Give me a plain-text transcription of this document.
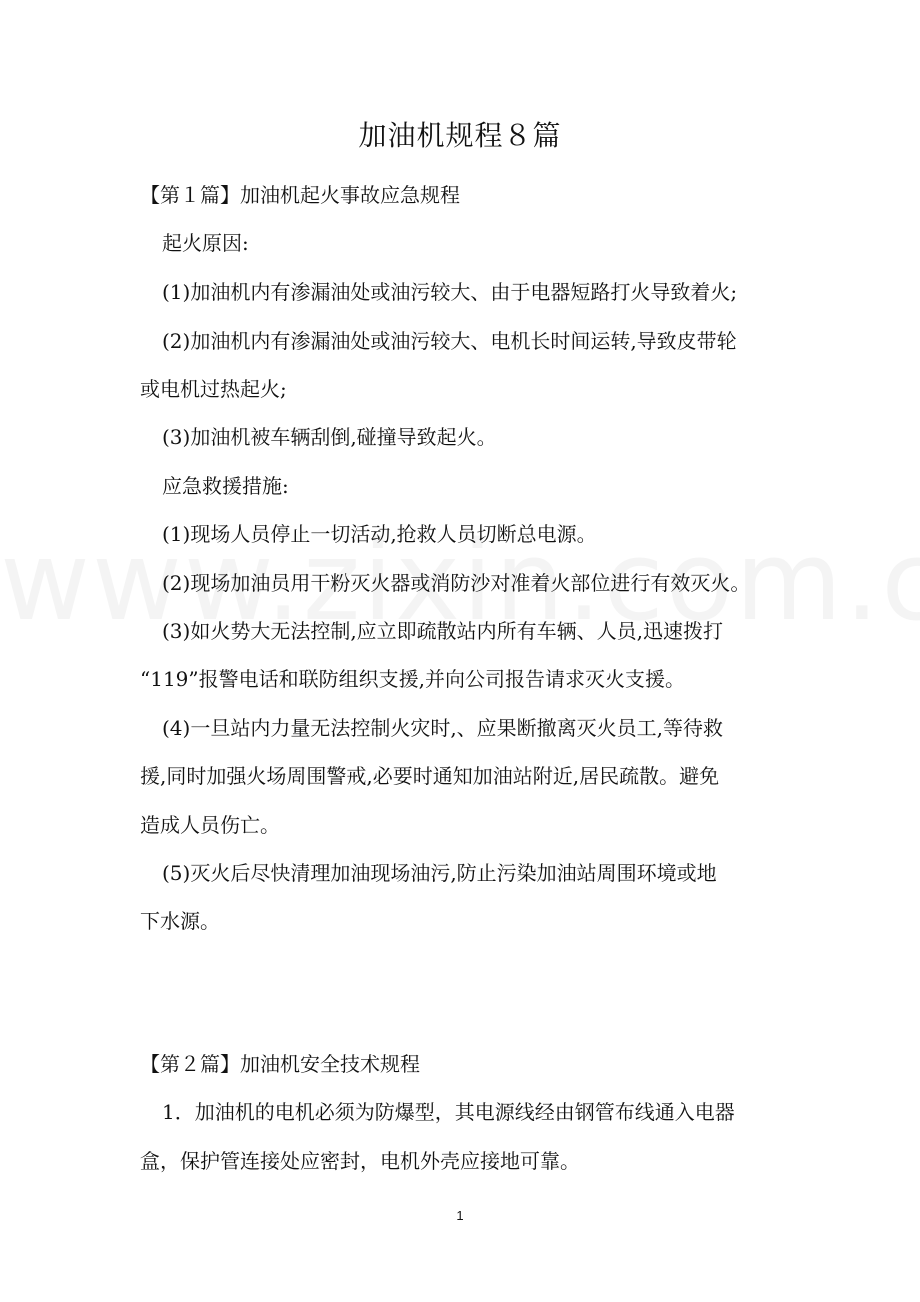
加油机规程８篇
【第１篇】加油机起火事故应急规程
起火原因:
(1)加油机内有渗漏油处或油污较大、由于电器短路打火导致着火;
(2)加油机内有渗漏油处或油污较大、电机长时间运转,导致皮带轮
或电机过热起火;
(3)加油机被车辆刮倒,碰撞导致起火。
应急救援措施:
(1)现场人员停止一切活动,抢救人员切断总电源。
(2)现场加油员用干粉灭火器或消防沙对准着火部位进行有效灭火。
(3)如火势大无法控制,应立即疏散站内所有车辆、人员,迅速拨打
“119”报警电话和联防组织支援,并向公司报告请求灭火支援。
(4)一旦站内力量无法控制火灾时,、应果断撤离灭火员工,等待救
援,同时加强火场周围警戒,必要时通知加油站附近,居民疏散。避免
造成人员伤亡。
(5)灭火后尽快清理加油现场油污,防止污染加油站周围环境或地
下水源。
【第２篇】加油机安全技术规程
1．加油机的电机必须为防爆型，其电源线经由钢管布线通入电器
盒，保护管连接处应密封，电机外壳应接地可靠。
1
